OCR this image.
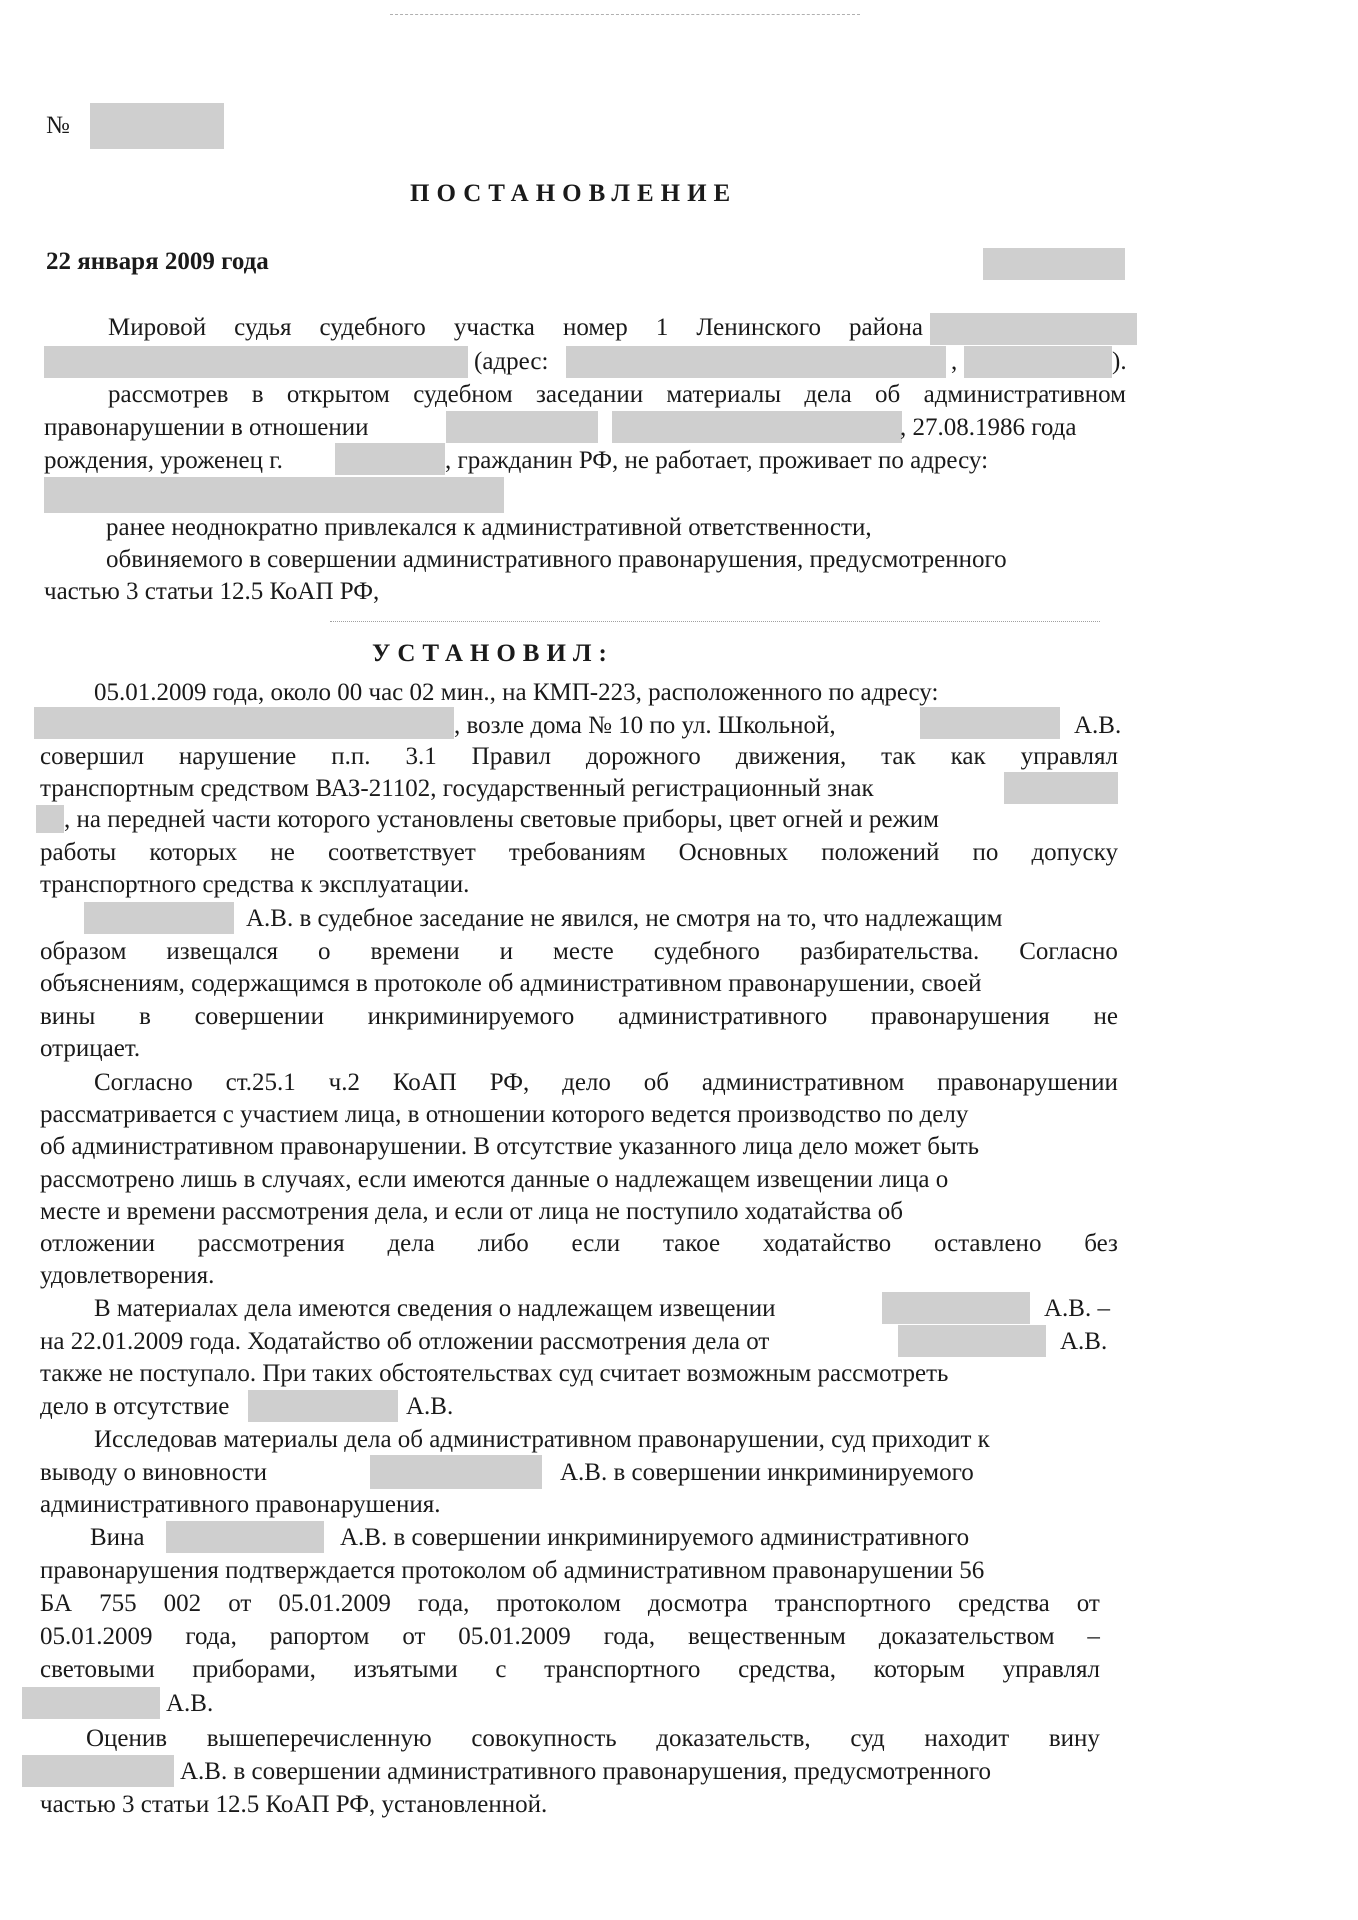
№
ПОСТАНОВЛЕНИЕ
22 января 2009 года
Мировой судья судебного участка номер 1 Ленинского района
(адрес:	,	).
рассмотрев в открытом судебном заседании материалы дела об административном
правонарушении в отношении	, 27.08.1986 года
рождения, уроженец г.	, гражданин РФ, не работает, проживает по адресу:
ранее неоднократно привлекался к административной ответственности,
обвиняемого в совершении административного правонарушения, предусмотренного
частью 3 статьи 12.5 КоАП РФ,
УСТАНОВИЛ:
05.01.2009 года, около 00 час 02 мин., на КМП-223, расположенного по адресу:
, возле дома № 10 по ул. Школьной,	А.В.
совершил нарушение п.п. 3.1 Правил дорожного движения, так как управлял
транспортным средством ВАЗ-21102, государственный регистрационный знак
, на передней части которого установлены световые приборы, цвет огней и режим
работы которых не соответствует требованиям Основных положений по допуску
транспортного средства к эксплуатации.
А.В. в судебное заседание не явился, не смотря на то, что надлежащим
образом извещался о времени и месте судебного разбирательства. Согласно
объяснениям, содержащимся в протоколе об административном правонарушении, своей
вины в совершении инкриминируемого административного правонарушения не
отрицает.
Согласно ст.25.1 ч.2 КоАП РФ, дело об административном правонарушении
рассматривается с участием лица, в отношении которого ведется производство по делу
об административном правонарушении. В отсутствие указанного лица дело может быть
рассмотрено лишь в случаях, если имеются данные о надлежащем извещении лица о
месте и времени рассмотрения дела, и если от лица не поступило ходатайства об
отложении рассмотрения дела либо если такое ходатайство оставлено без
удовлетворения.
В материалах дела имеются сведения о надлежащем извещении	А.В. –
на 22.01.2009 года. Ходатайство об отложении рассмотрения дела от	А.В.
также не поступало. При таких обстоятельствах суд считает возможным рассмотреть
дело в отсутствие	А.В.
Исследовав материалы дела об административном правонарушении, суд приходит к
выводу о виновности	А.В. в совершении инкриминируемого
административного правонарушения.
Вина	А.В. в совершении инкриминируемого административного
правонарушения подтверждается протоколом об административном правонарушении 56
БА 755 002 от 05.01.2009 года, протоколом досмотра транспортного средства от
05.01.2009 года, рапортом от 05.01.2009 года, вещественным доказательством –
световыми приборами, изъятыми с транспортного средства, которым управлял
А.В.
Оценив вышеперечисленную совокупность доказательств, суд находит вину
А.В. в совершении административного правонарушения, предусмотренного
частью 3 статьи 12.5 КоАП РФ, установленной.
